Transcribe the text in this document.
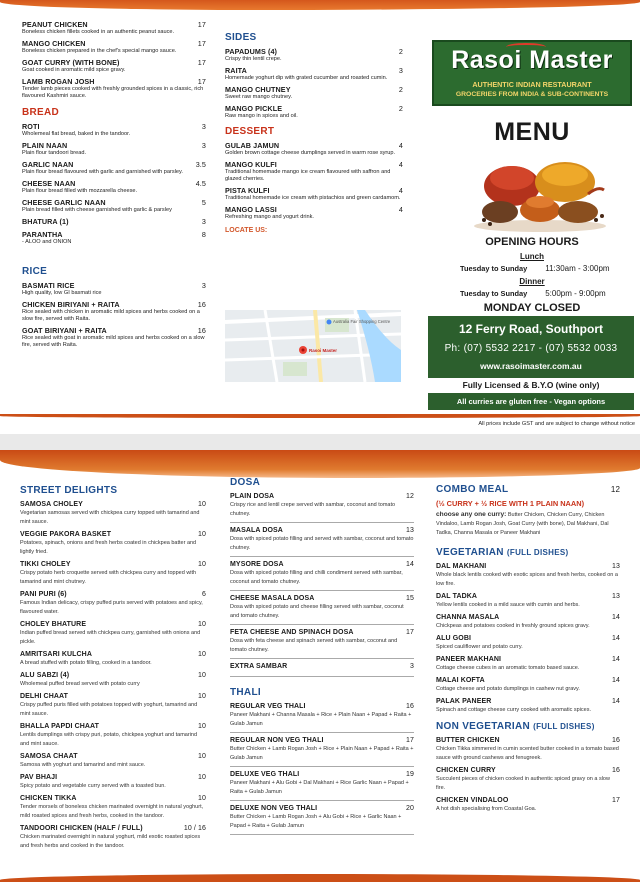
PEANUT CHICKEN	17
Boneless chicken fillets cooked in an authentic peanut sauce.
MANGO CHICKEN	17
Boneless chicken prepared in the chef's special mango sauce.
GOAT CURRY (WITH BONE)	17
Goat cooked in aromatic mild spice gravy.
LAMB ROGAN JOSH	17
Tender lamb pieces cooked with freshly grounded spices in a classic, rich flavoured Kashmiri sauce.
BREAD
ROTI	3
Wholemeal flat bread, baked in the tandoor.
PLAIN NAAN	3
Plain flour tandoori bread.
GARLIC NAAN	3.5
Plain flour bread flavoured with garlic and garnished with parsley.
CHEESE NAAN	4.5
Plain flour bread filled with mozzarella cheese.
CHEESE GARLIC NAAN	5
Plain bread filled with cheese garnished with garlic & parsley
BHATURA (1)	3
PARANTHA	8
- ALOO and ONION
RICE
BASMATI RICE	3
High quality, low GI basmati rice
CHICKEN BIRIYANI + RAITA	16
Rice sealed with chicken in aromatic mild spices and herbs cooked on a slow fire, served with Raita.
GOAT BIRIYANI + RAITA	16
Rice sealed with goat in aromatic mild spices and herbs cooked on a slow fire, served with Raita.
SIDES
PAPADUMS (4)	2
Crispy thin lentil crepe.
RAITA	3
Homemade yoghurt dip with grated cucumber and roasted cumin.
MANGO CHUTNEY	2
Sweet raw mango chutney.
MANGO PICKLE	2
Raw mango in spices and oil.
DESSERT
GULAB JAMUN	4
Golden brown cottage cheese dumplings served in warm rose syrup.
MANGO KULFI	4
Traditional homemade mango ice cream flavoured with saffron and glazed cherries.
PISTA KULFI	4
Traditional homemade ice cream with pistachios and green cardamom.
MANGO LASSI	4
Refreshing mango and yogurt drink.
LOCATE US:
Australia Fair Shopping Centre
Rasoi Master
Rasoi Master
AUTHENTIC INDIAN RESTAURANT
GROCERIES FROM INDIA & SUB-CONTINENTS
MENU
OPENING HOURS
Lunch
Tuesday to Sunday 11:30am - 3:00pm
Dinner
Tuesday to Sunday 5:00pm - 9:00pm
MONDAY CLOSED
12 Ferry Road, Southport
Ph: (07) 5532 2217 - (07) 5532 0033
www.rasoimaster.com.au
Fully Licensed & B.Y.O (wine only)
All curries are gluten free - Vegan options
All prices include GST and are subject to change without notice
STREET DELIGHTS
SAMOSA CHOLEY	10
Vegetarian samosas served with chickpea curry topped with tamarind and mint sauce.
VEGGIE PAKORA BASKET	10
Potatoes, spinach, onions and fresh herbs coated in chickpea batter and lightly fried.
TIKKI CHOLEY	10
Crispy potato herb croquette served with chickpea curry and topped with tamarind and mint chutney.
PANI PURI (6)	6
Famous Indian delicacy, crispy puffed puris served with potatoes and spicy, flavoured water.
CHOLEY BHATURE	10
Indian puffed bread served with chickpea curry, garnished with onions and pickle.
AMRITSARI KULCHA	10
A bread stuffed with potato filling, cooked in a tandoor.
ALU SABZI (4)	10
Wholemeal puffed bread served with potato curry
DELHI CHAAT	10
Crispy puffed puris filled with potatoes topped with yoghurt, tamarind and mint sauce.
BHALLA PAPDI CHAAT	10
Lentils dumplings with crispy puri, potato, chickpea yoghurt and tamarind and mint sauce.
SAMOSA CHAAT	10
Samosa with yoghurt and tamarind and mint sauce.
PAV BHAJI	10
Spicy potato and vegetable curry served with a toasted bun.
CHICKEN TIKKA	10
Tender morsels of boneless chicken marinated overnight in natural yoghurt, mild roasted spices and fresh herbs, cooked in the tandoor.
TANDOORI CHICKEN (HALF / FULL)	10 / 16
Chicken marinated overnight in natural yoghurt, mild exotic roasted spices and fresh herbs and cooked in the tandoor.
DOSA
PLAIN DOSA	12
Crispy rice and lentil crepe served with sambar, coconut and tomato chutney.
MASALA DOSA	13
Dosa with spiced potato filling and served with sambar, coconut and tomato chutney.
MYSORE DOSA	14
Dosa with spiced potato filling and chilli condiment served with sambar, coconut and tomato chutney.
CHEESE MASALA DOSA	15
Dosa with spiced potato and cheese filling served with sambar, coconut and tomato chutney.
FETA CHEESE AND SPINACH DOSA	17
Dosa with feta cheese and spinach served with sambar, coconut and tomato chutney.
EXTRA SAMBAR	3
THALI
REGULAR VEG THALI	16
Paneer Makhani + Channa Masala + Rice + Plain Naan + Papad + Raita + Gulab Jamun
REGULAR NON VEG THALI	17
Butter Chicken + Lamb Rogan Josh + Rice + Plain Naan + Papad + Raita + Gulab Jamun
DELUXE VEG THALI	19
Paneer Makhani + Alu Gobi + Dal Makhani + Rice Garlic Naan + Papad + Raita + Gulab Jamun
DELUXE NON VEG THALI	20
Butter Chicken + Lamb Rogan Josh + Alu Gobi + Rice + Garlic Naan + Papad + Raita + Gulab Jamun
COMBO MEAL	12
(½ CURRY + ½ RICE WITH 1 PLAIN NAAN)
choose any one curry: Butter Chicken, Chicken Curry, Chicken Vindaloo, Lamb Rogan Josh, Goat Curry (with bone), Dal Makhani, Dal Tadka, Channa Masala or Paneer Makhani
VEGETARIAN (FULL DISHES)
DAL MAKHANI	13
Whole black lentils cooked with exotic spices and fresh herbs, cooked on a low fire.
DAL TADKA	13
Yellow lentils cooked in a mild sauce with cumin and herbs.
CHANNA MASALA	14
Chickpeas and potatoes cooked in freshly ground spices gravy.
ALU GOBI	14
Spiced cauliflower and potato curry.
PANEER MAKHANI	14
Cottage cheese cubes in an aromatic tomato based sauce.
MALAI KOFTA	14
Cottage cheese and potato dumplings in cashew nut gravy.
PALAK PANEER	14
Spinach and cottage cheese curry cooked with aromatic spices.
NON VEGETARIAN (FULL DISHES)
BUTTER CHICKEN	16
Chicken Tikka simmered in cumin scented butter cooked in a tomato based sauce with ground cashews and fenugreek.
CHICKEN CURRY	16
Succulent pieces of chicken cooked in authentic spiced gravy on a slow fire.
CHICKEN VINDALOO	17
A hot dish specialising from Coastal Goa.
